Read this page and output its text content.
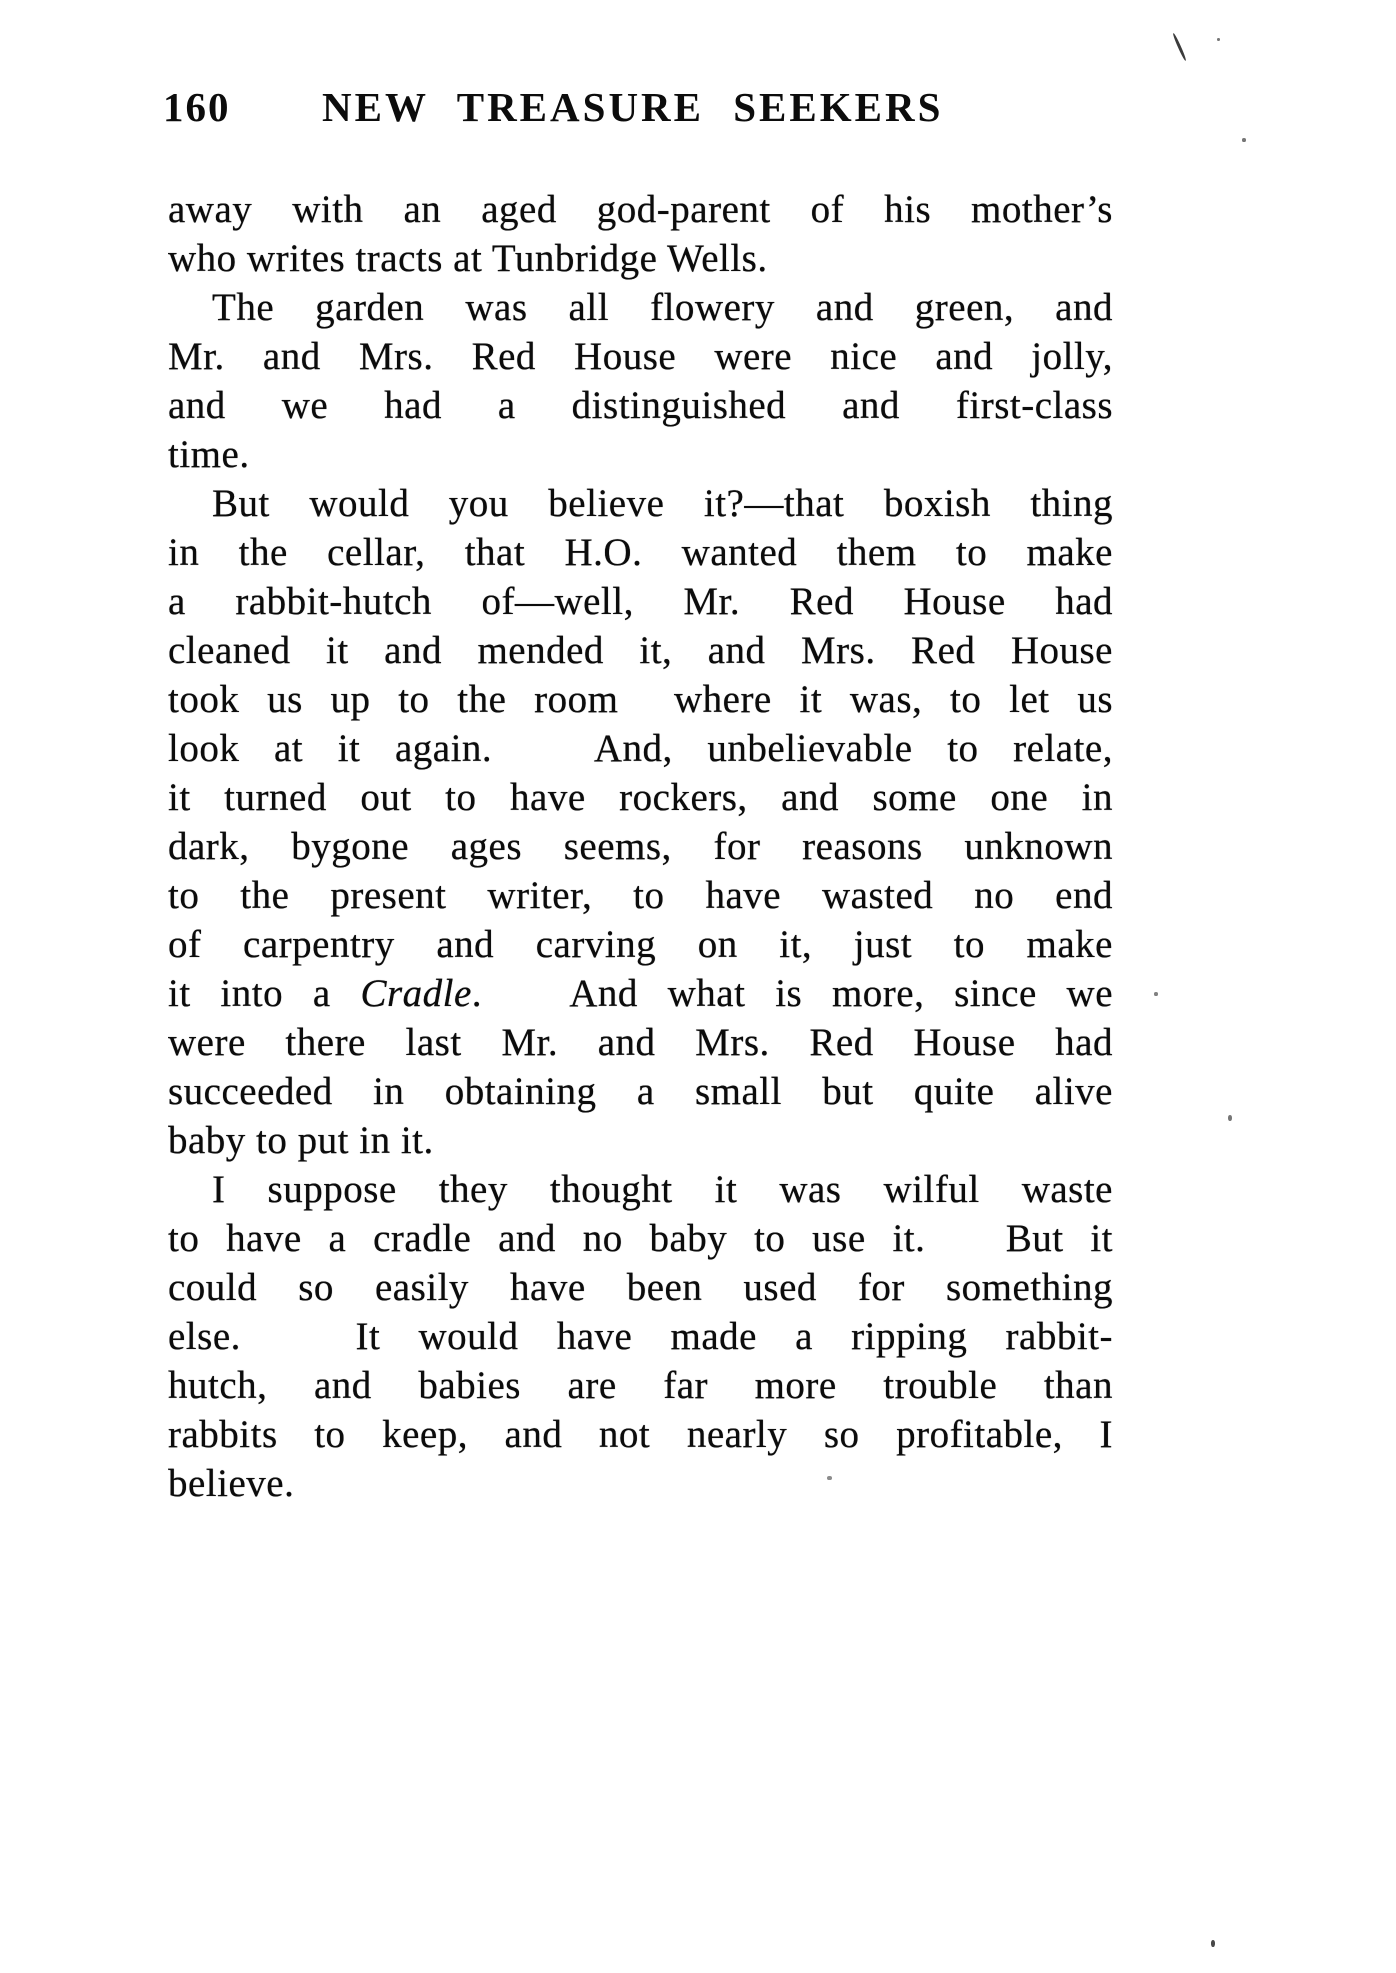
160 NEW TREASURE SEEKERS
away with an aged god-parent of his mother’s
who writes tracts at Tunbridge Wells.
The garden was all flowery and green, and
Mr. and Mrs. Red House were nice and jolly,
and we had a distinguished and first-class
time.
But would you believe it?—that boxish thing
in the cellar, that H.O. wanted them to make
a rabbit-hutch of—well, Mr. Red House had
cleaned it and mended it, and Mrs. Red House
took us up to the room  where it was, to let us
look at it again.   And, unbelievable to relate,
it turned out to have rockers, and some one in
dark, bygone ages seems, for reasons unknown
to the present writer, to have wasted no end
of carpentry and carving on it, just to make
it into a Cradle.   And what is more, since we
were there last Mr. and Mrs. Red House had
succeeded in obtaining a small but quite alive
baby to put in it.
I suppose they thought it was wilful waste
to have a cradle and no baby to use it.   But it
could so easily have been used for something
else.   It would have made a ripping rabbit-
hutch, and babies are far more trouble than
rabbits to keep, and not nearly so profitable, I
believe.
